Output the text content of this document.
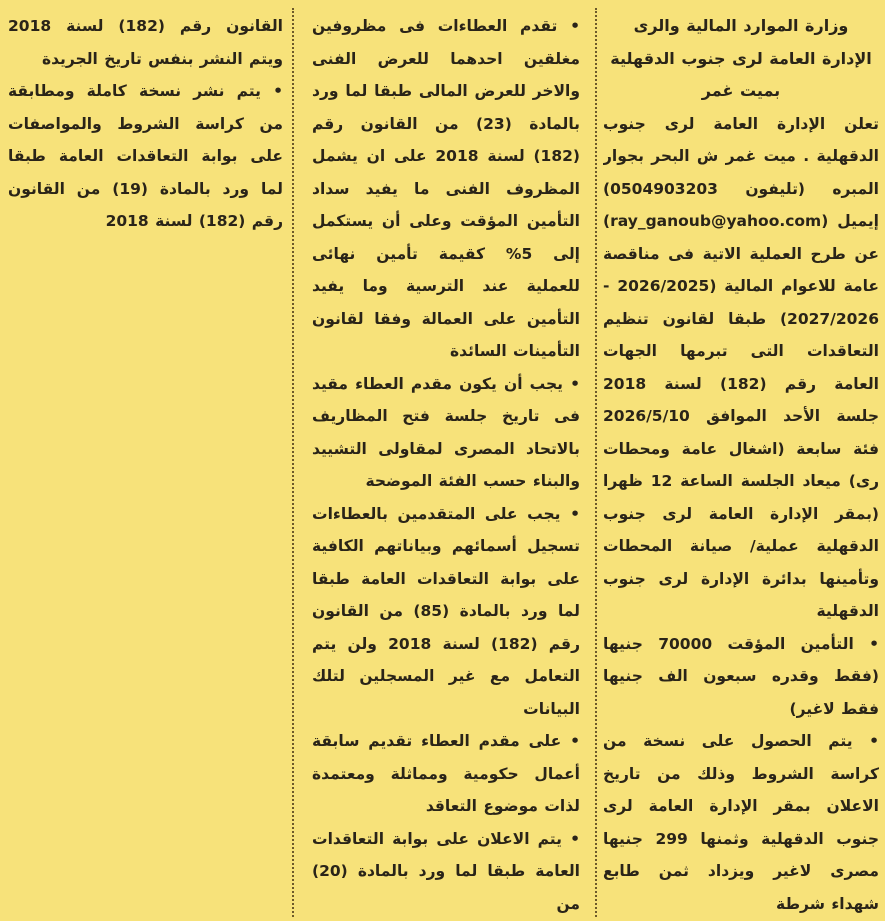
وزارة الموارد المالية والرى
الإدارة العامة لرى جنوب الدقهلية
بميت غمر
تعلن الإدارة العامة لرى جنوب الدقهلية . ميت غمر ش البحر بجوار المبره (تليفون 0504903203) إيميل (ray_ganoub@yahoo.com) عن طرح العملية الاتية فى مناقصة عامة للاعوام المالية (2026/2025 - 2027/2026) طبقا لقانون تنظيم التعاقدات التى تبرمها الجهات العامة رقم (182) لسنة 2018 جلسة الأحد الموافق 2026/5/10 فئة سابعة (اشغال عامة ومحطات رى) ميعاد الجلسة الساعة 12 ظهرا (بمقر الإدارة العامة لرى جنوب الدقهلية عملية/ صيانة المحطات وتأمينها بدائرة الإدارة لرى جنوب الدقهلية
• التأمين المؤقت 70000 جنيها (فقط وقدره سبعون الف جنيها فقط لاغير)
• يتم الحصول على نسخة من كراسة الشروط وذلك من تاريخ الاعلان بمقر الإدارة العامة لرى جنوب الدقهلية وثمنها 299 جنيها مصرى لاغير ويزداد ثمن طابع شهداء شرطة
• تقدم العطاءات فى مظروفين مغلقين احدهما للعرض الفنى والاخر للعرض المالى طبقا لما ورد بالمادة (23) من القانون رقم (182) لسنة 2018 على ان يشمل المظروف الفنى ما يفيد سداد التأمين المؤقت وعلى أن يستكمل إلى 5% كقيمة تأمين نهائى للعملية عند الترسية وما يفيد التأمين على العمالة وفقا لقانون التأمينات السائدة
• يجب أن يكون مقدم العطاء مقيد فى تاريخ جلسة فتح المظاريف بالاتحاد المصرى لمقاولى التشييد والبناء حسب الفئة الموضحة
• يجب على المتقدمين بالعطاءات تسجيل أسمائهم وبياناتهم الكافية على بوابة التعاقدات العامة طبقا لما ورد بالمادة (85) من القانون رقم (182) لسنة 2018 ولن يتم التعامل مع غير المسجلين لتلك البيانات
• على مقدم العطاء تقديم سابقة أعمال حكومية ومماثلة ومعتمدة لذات موضوع التعاقد
• يتم الاعلان على بوابة التعاقدات العامة طبقا لما ورد بالمادة (20) من
القانون رقم (182) لسنة 2018 ويتم النشر بنفس تاريخ الجريدة
• يتم نشر نسخة كاملة ومطابقة من كراسة الشروط والمواصفات على بوابة التعاقدات العامة طبقا لما ورد بالمادة (19) من القانون رقم (182) لسنة 2018
